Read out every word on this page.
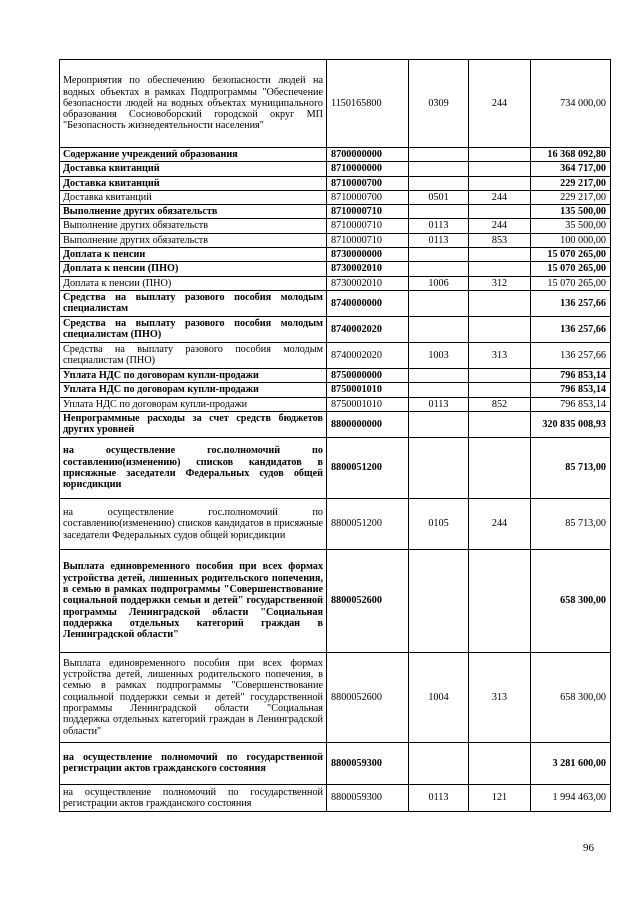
Мероприятия по обеспечению безопасности людей на водных объектах в рамках Подпрограммы "Обеспечение безопасности людей на водных объектах муниципального образования Сосновоборский городской округ МП "Безопасность жизнедеятельности населения"	1150165800	0309	244	734 000,00
Содержание учреждений образования	8700000000			16 368 092,80
Доставка квитанций	8710000000			364 717,00
Доставка квитанций	8710000700			229 217,00
Доставка квитанций	8710000700	0501	244	229 217,00
Выполнение других обязательств	8710000710			135 500,00
Выполнение других обязательств	8710000710	0113	244	35 500,00
Выполнение других обязательств	8710000710	0113	853	100 000,00
Доплата к пенсии	8730000000			15 070 265,00
Доплата к пенсии (ПНО)	8730002010			15 070 265,00
Доплата к пенсии (ПНО)	8730002010	1006	312	15 070 265,00
Средства на выплату разового пособия молодым специалистам	8740000000			136 257,66
Средства на выплату разового пособия молодым специалистам (ПНО)	8740002020			136 257,66
Средства на выплату разового пособия молодым специалистам (ПНО)	8740002020	1003	313	136 257,66
Уплата НДС по договорам купли-продажи	8750000000			796 853,14
Уплата НДС по договорам купли-продажи	8750001010			796 853,14
Уплата НДС по договорам купли-продажи	8750001010	0113	852	796 853,14
Непрограммные расходы за счет средств бюджетов других уровней	8800000000			320 835 008,93
на осуществление гос.полномочий по составлению(изменению) списков кандидатов в присяжные заседатели Федеральных судов общей юрисдикции	8800051200			85 713,00
на осуществление гос.полномочий по составлению(изменению) списков кандидатов в присяжные заседатели Федеральных судов общей юрисдикции	8800051200	0105	244	85 713,00
Выплата единовременного пособия при всех формах устройства детей, лишенных родительского попечения, в семью в рамках подпрограммы "Совершенствование социальной поддержки семьи и детей" государственной программы Ленинградской области "Социальная поддержка отдельных категорий граждан в Ленинградской области"	8800052600			658 300,00
Выплата единовременного пособия при всех формах устройства детей, лишенных родительского попечения, в семью в рамках подпрограммы "Совершенствование социальной поддержки семьи и детей" государственной программы Ленинградской области "Социальная поддержка отдельных категорий граждан в Ленинградской области"	8800052600	1004	313	658 300,00
на осуществление полномочий по государственной регистрации актов гражданского состояния	8800059300			3 281 600,00
на осуществление полномочий по государственной регистрации актов гражданского состояния	8800059300	0113	121	1 994 463,00
96
